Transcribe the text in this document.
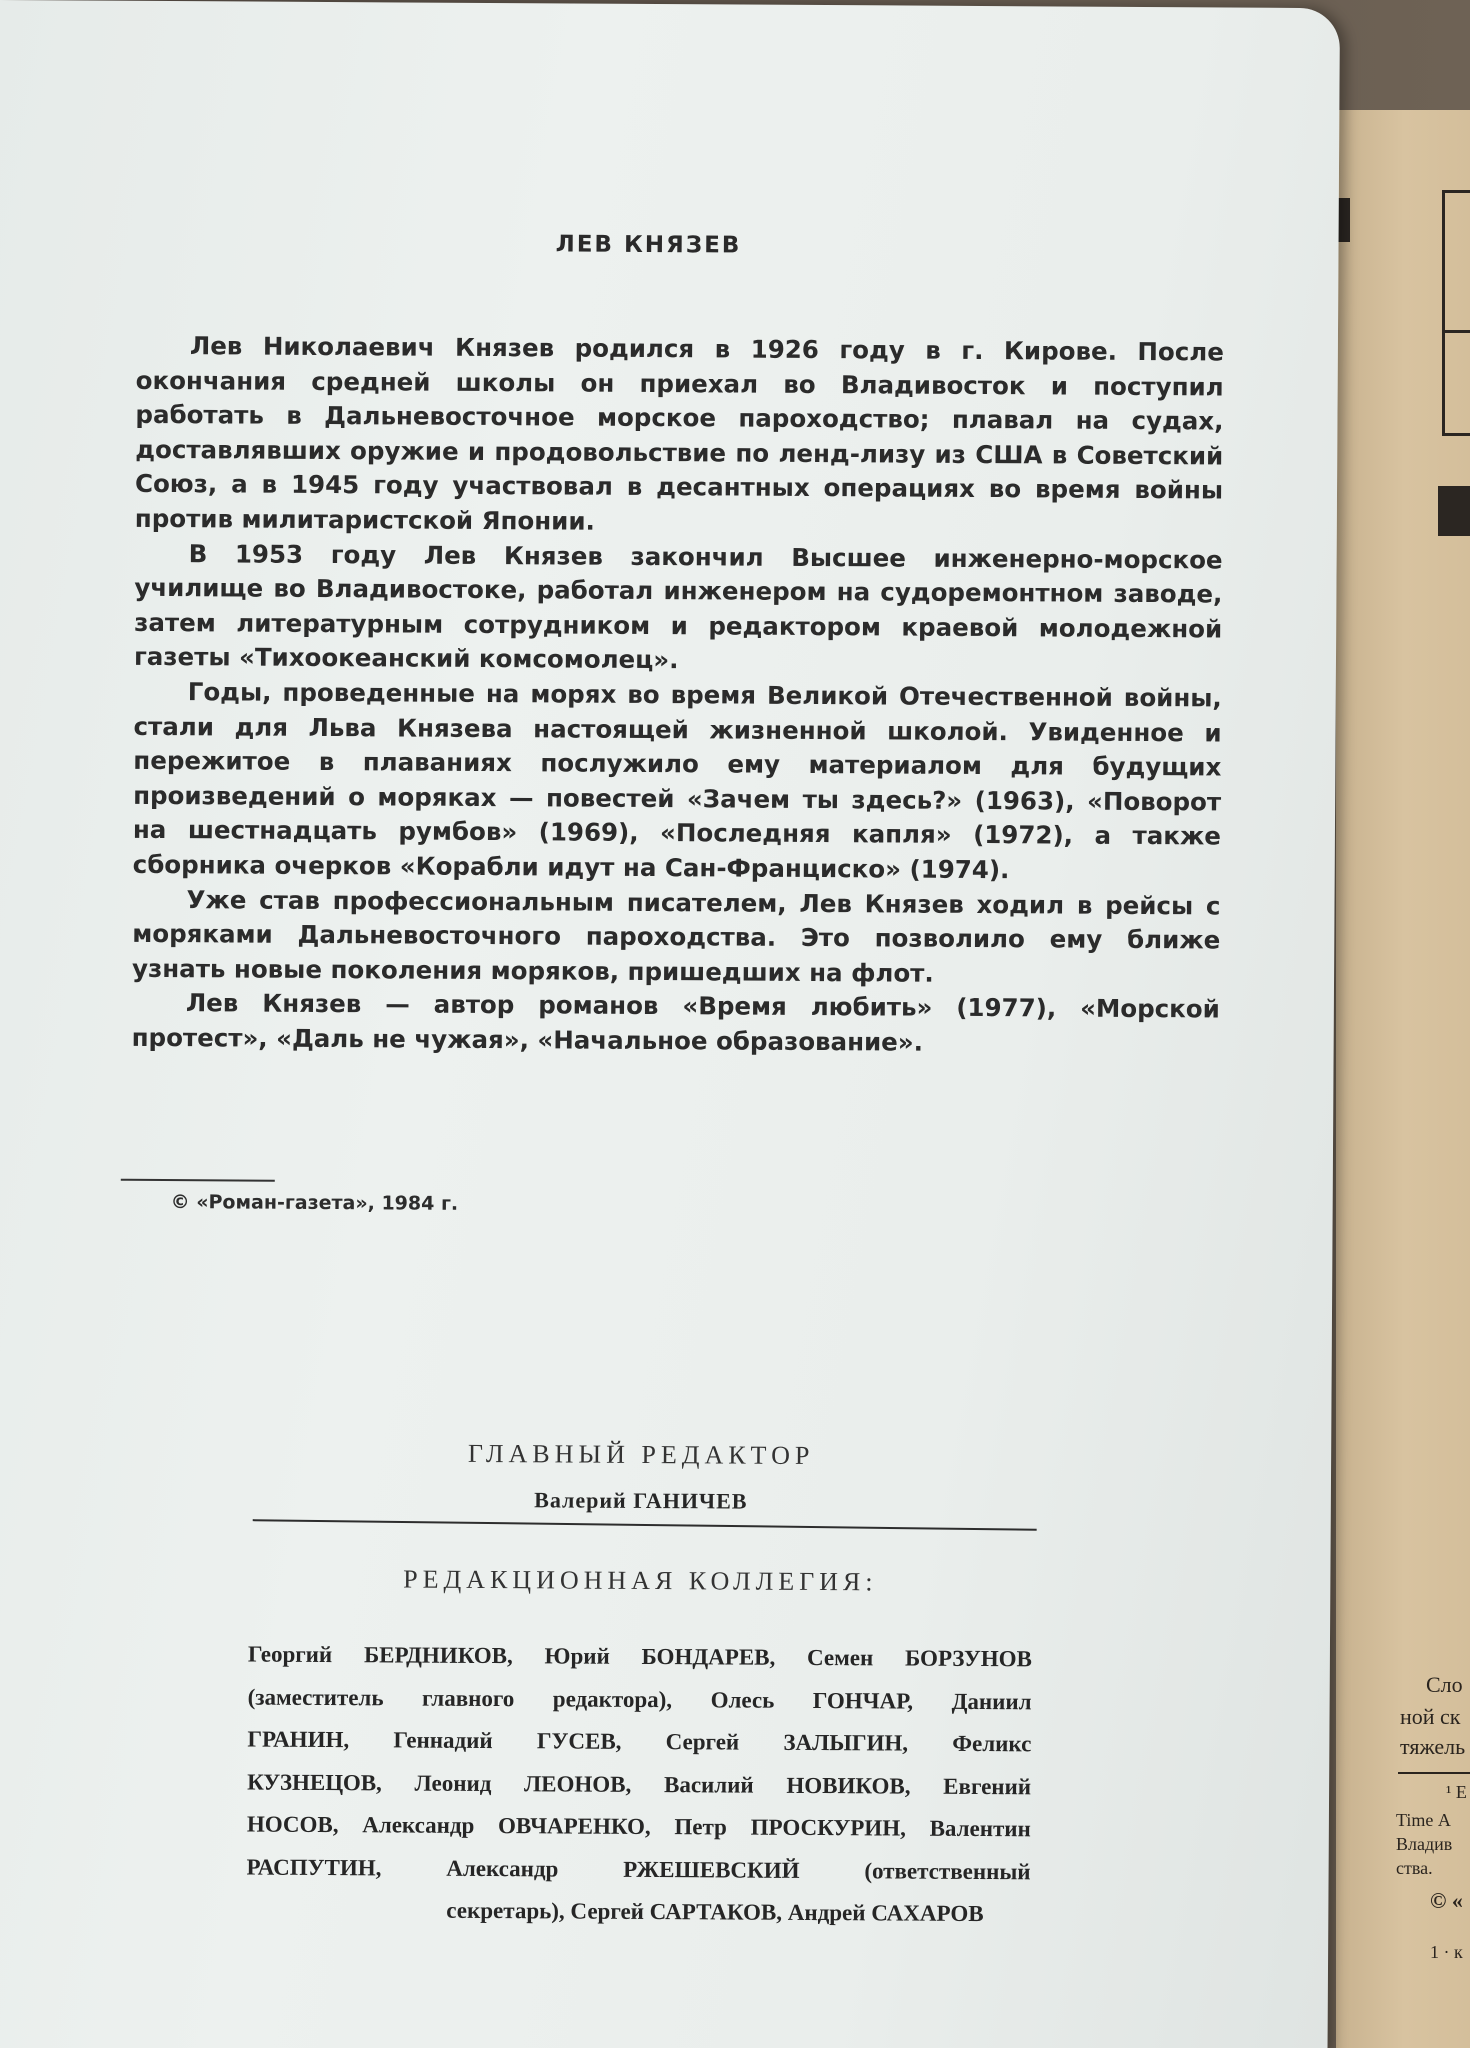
Сло
ной ск
тяжель
¹ Е
Time А
Владив
ства.
© «
1 · к
ЛЕВ КНЯЗЕВ

Лев Николаевич Князев родился в 1926 году в г. Кирове. После окончания средней школы он приехал во Владивосток и поступил работать в Дальневосточное морское пароходство; плавал на судах, доставлявших оружие и продовольствие по ленд-лизу из США в Советский Союз, а в 1945 году участвовал в десантных операциях во время войны против милитаристской Японии.

В 1953 году Лев Князев закончил Высшее инженерно-морское училище во Владивостоке, работал инженером на судоремонтном заводе, затем литературным сотрудником и редактором краевой молодежной газеты «Тихоокеанский комсомолец».

Годы, проведенные на морях во время Великой Отечественной войны, стали для Льва Князева настоящей жизненной школой. Увиденное и пережитое в плаваниях послужило ему материалом для будущих произведений о моряках — повестей «Зачем ты здесь?» (1963), «Поворот на шестнадцать румбов» (1969), «Последняя капля» (1972), а также сборника очерков «Корабли идут на Сан-Франциско» (1974).

Уже став профессиональным писателем, Лев Князев ходил в рейсы с моряками Дальневосточного пароходства. Это позволило ему ближе узнать новые поколения моряков, пришедших на флот.

Лев Князев — автор романов «Время любить» (1977), «Морской протест», «Даль не чужая», «Начальное образование».

© «Роман-газета», 1984 г.
ГЛАВНЫЙ РЕДАКТОР
Валерий ГАНИЧЕВ
РЕДАКЦИОННАЯ КОЛЛЕГИЯ:
Георгий БЕРДНИКОВ, Юрий БОНДАРЕВ, Семен БОРЗУНОВ
(заместитель главного редактора), Олесь ГОНЧАР, Даниил
ГРАНИН, Геннадий ГУСЕВ, Сергей ЗАЛЫГИН, Феликс
КУЗНЕЦОВ, Леонид ЛЕОНОВ, Василий НОВИКОВ, Евгений
НОСОВ, Александр ОВЧАРЕНКО, Петр ПРОСКУРИН, Валентин
РАСПУТИН, Александр РЖЕШЕВСКИЙ (ответственный
секретарь), Сергей САРТАКОВ, Андрей САХАРОВ
